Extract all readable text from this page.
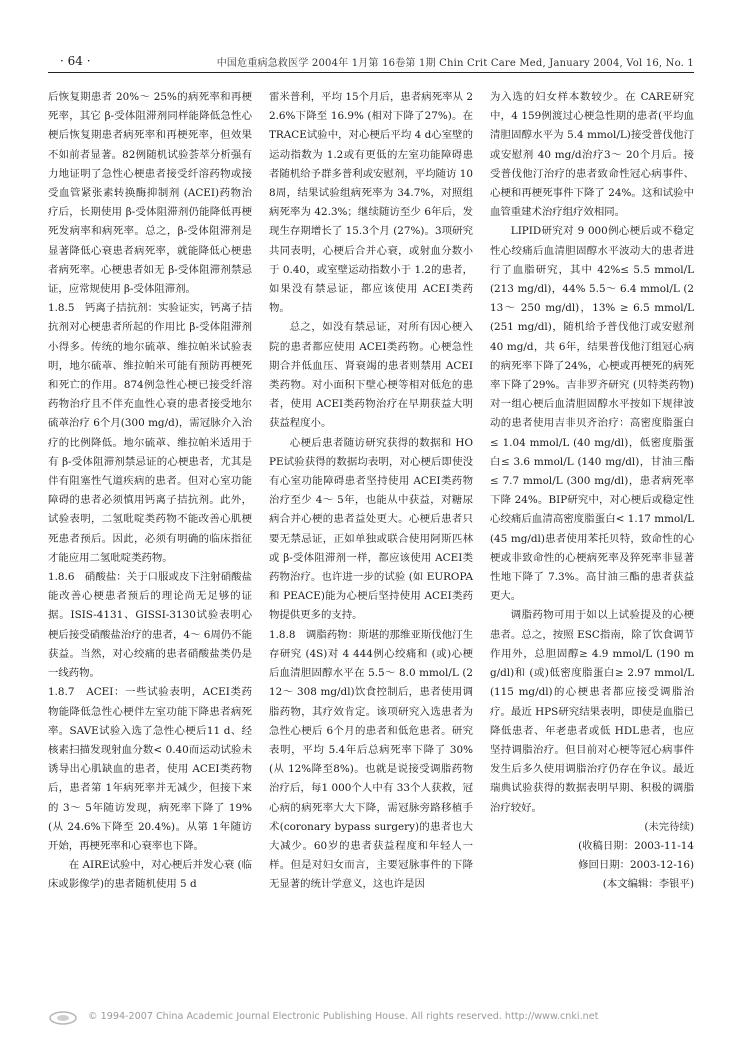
· 64 ·	中国危重病急救医学 2004年 1月第 16卷第 1期 Chin Crit Care Med, January 2004, Vol 16, No. 1

后恢复期患者 20%～ 25%的病死率和再梗死率，其它 β-受体阻滞剂同样能降低急性心梗后恢复期患者病死率和再梗死率，但效果不如前者显著。82例随机试验荟萃分析强有力地证明了急性心梗患者接受纤溶药物或接受血管紧张素转换酶抑制剂 (ACEI)药物治疗后，长期使用 β-受体阻滞剂仍能降低再梗死发病率和病死率。总之，β-受体阻滞剂是显著降低心衰患者病死率，就能降低心梗患者病死率。心梗患者如无 β-受体阻滞剂禁忌证，应常规使用 β-受体阻滞剂。

1.8.5　钙离子拮抗剂：实验证实，钙离子拮抗剂对心梗患者所起的作用比 β-受体阻滞剂小得多。传统的地尔硫䓬、维拉帕米试验表明，地尔硫䓬、维拉帕米可能有预防再梗死和死亡的作用。874例急性心梗已接受纤溶药物治疗且不伴充血性心衰的患者接受地尔硫䓬治疗 6个月(300 mg/d)，需冠脉介入治疗的比例降低。地尔硫䓬、维拉帕米适用于有 β-受体阻滞剂禁忌证的心梗患者，尤其是伴有阻塞性气道疾病的患者。但对心室功能障碍的患者必须慎用钙离子拮抗剂。此外，试验表明，二氢吡啶类药物不能改善心肌梗死患者预后。因此，必须有明确的临床指征才能应用二氢吡啶类药物。

1.8.6　硝酸盐：关于口服或皮下注射硝酸盐能改善心梗患者预后的理论尚无足够的证据。ISIS-4131、GISSI-3130试验表明心梗后接受硝酸盐治疗的患者，4～ 6周仍不能获益。当然，对心绞痛的患者硝酸盐类仍是一线药物。

1.8.7　ACEI：一些试验表明，ACEI类药物能降低急性心梗伴左室功能下降患者病死率。SAVE试验入选了急性心梗后11 d、经核素扫描发现射血分数< 0.40而运动试验未诱导出心肌缺血的患者，使用 ACEI类药物后，患者第 1年病死率并无减少，但接下来的 3～ 5年随访发现，病死率下降了 19% (从 24.6%下降至 20.4%)。从第 1年随访开始，再梗死率和心衰率也下降。

在 AIRE试验中，对心梗后并发心衰 (临床或影像学)的患者随机使用 5 d

雷米普利，平均 15个月后，患者病死率从 22.6%下降至 16.9% (相对下降了27%)。在 TRACE试验中，对心梗后平均 4 d心室壁的运动指数为 1.2或有更低的左室功能障碍患者随机给予群多普利或安慰剂，平均随访 108周，结果试验组病死率为 34.7%，对照组病死率为 42.3%；继续随访至少 6年后，发现生存期增长了 15.3个月 (27%)。3项研究共同表明，心梗后合并心衰，或射血分数小于 0.40，或室壁运动指数小于 1.2的患者，如果没有禁忌证，都应该使用 ACEI类药物。

总之，如没有禁忌证，对所有因心梗入院的患者都应使用 ACEI类药物。心梗急性期合并低血压、肾衰竭的患者则禁用 ACEI类药物。对小面积下壁心梗等相对低危的患者，使用 ACEI类药物治疗在早期获益大明获益程度小。

心梗后患者随访研究获得的数据和 HOPE试验获得的数据均表明，对心梗后即使没有心室功能障碍患者坚持使用 ACEI类药物治疗至少 4～ 5年，也能从中获益，对糖尿病合并心梗的患者益处更大。心梗后患者只要无禁忌证，正如单独或联合使用阿斯匹林或 β-受体阻滞剂一样，都应该使用 ACEI类药物治疗。也许进一步的试验 (如 EUROPA和 PEACE)能为心梗后坚持使用 ACEI类药物提供更多的支持。

1.8.8　调脂药物：斯堪的那维亚斯伐他汀生存研究 (4S)对 4 444例心绞痛和 (或)心梗后血清胆固醇水平在 5.5～ 8.0 mmol/L (212～ 308 mg/dl)饮食控制后，患者使用调脂药物，其疗效肯定。该项研究入选患者为急性心梗后 6个月的患者和低危患者。研究表明，平均 5.4年后总病死率下降了 30% (从 12%降至8%)。也就是说接受调脂药物治疗后，每1 000个人中有 33个人获救，冠心病的病死率大大下降，需冠脉旁路移植手术(coronary bypass surgery)的患者也大大减少。60岁的患者获益程度和年轻人一样。但是对妇女而言，主要冠脉事件的下降无显著的统计学意义，这也许是因

为入选的妇女样本数较少。在 CARE研究中，4 159例渡过心梗急性期的患者(平均血清胆固醇水平为 5.4 mmol/L)接受普伐他汀或安慰剂 40 mg/d治疗3～ 20个月后。接受普伐他汀治疗的患者致命性冠心病事件、心梗和再梗死事件下降了 24%。这和试验中血管重建术治疗组疗效相同。

LIPID研究对 9 000例心梗后或不稳定性心绞痛后血清胆固醇水平波动大的患者进行了血脂研究，其中 42%≤ 5.5 mmol/L (213 mg/dl)，44% 5.5～ 6.4 mmol/L (213～ 250 mg/dl)，13% ≥ 6.5 mmol/L (251 mg/dl)，随机给予普伐他汀或安慰剂 40 mg/d，共 6年，结果普伐他汀组冠心病的病死率下降了24%，心梗或再梗死的病死率下降了29%。吉非罗齐研究 (贝特类药物)对一组心梗后血清胆固醇水平按如下规律波动的患者使用吉非贝齐治疗：高密度脂蛋白≤ 1.04 mmol/L (40 mg/dl)，低密度脂蛋白≤ 3.6 mmol/L (140 mg/dl)，甘油三酯≤ 7.7 mmol/L (300 mg/dl)，患者病死率下降 24%。BIP研究中，对心梗后或稳定性心绞痛后血清高密度脂蛋白< 1.17 mmol/L (45 mg/dl)患者使用苯托贝特，致命性的心梗或非致命性的心梗病死率及猝死率非显著性地下降了 7.3%。高甘油三酯的患者获益更大。

调脂药物可用于如以上试验提及的心梗患者。总之，按照 ESC指南，除了饮食调节作用外，总胆固醇≥ 4.9 mmol/L (190 mg/dl)和 (或)低密度脂蛋白≥ 2.97 mmol/L (115 mg/dl)的心梗患者都应接受调脂治疗。最近 HPS研究结果表明，即使是血脂已降低患者、年老患者或低 HDL患者，也应坚持调脂治疗。但目前对心梗等冠心病事件发生后多久使用调脂治疗仍存在争议。最近瑞典试验获得的数据表明早期、积极的调脂治疗较好。

(未完待续)

(收稿日期：2003-11-14

修回日期：2003-12-16)

(本文编辑：李银平)

© 1994-2007 China Academic Journal Electronic Publishing House. All rights reserved. http://www.cnki.net
